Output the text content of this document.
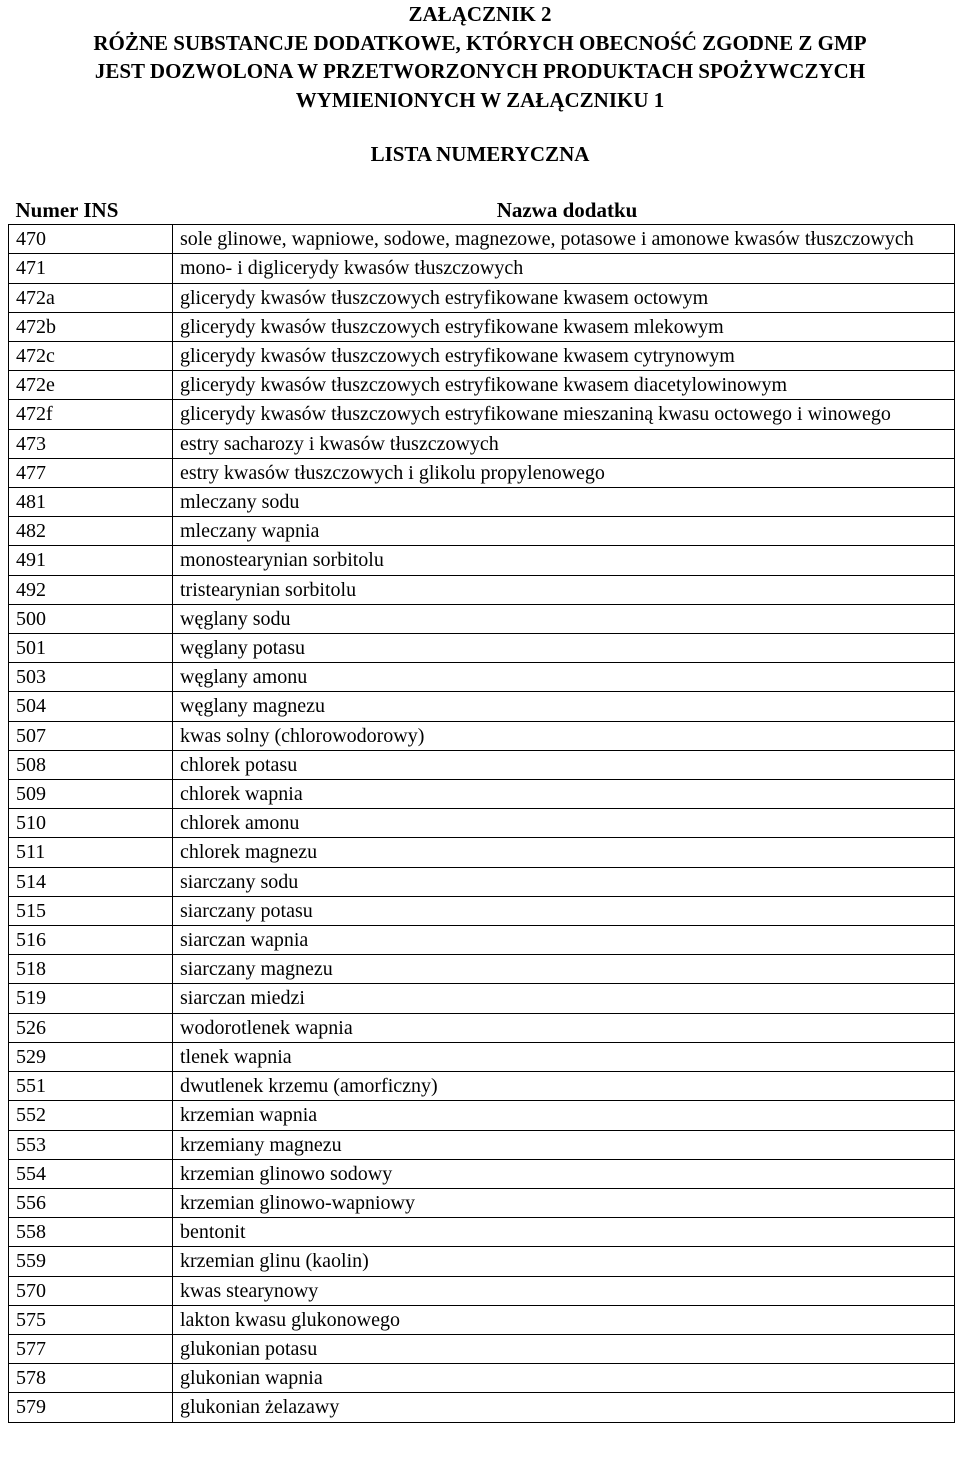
ZAŁĄCZNIK 2
RÓŻNE SUBSTANCJE DODATKOWE, KTÓRYCH OBECNOŚĆ ZGODNE Z GMP
JEST DOZWOLONA W PRZETWORZONYCH PRODUKTACH SPOŻYWCZYCH
WYMIENIONYCH W ZAŁĄCZNIKU 1
LISTA NUMERYCZNA
Numer INS	Nazwa dodatku
470	sole glinowe, wapniowe, sodowe, magnezowe, potasowe i amonowe kwasów tłuszczowych
471	mono- i diglicerydy kwasów tłuszczowych
472a	glicerydy kwasów tłuszczowych estryfikowane kwasem octowym
472b	glicerydy kwasów tłuszczowych estryfikowane kwasem mlekowym
472c	glicerydy kwasów tłuszczowych estryfikowane kwasem cytrynowym
472e	glicerydy kwasów tłuszczowych estryfikowane kwasem diacetylowinowym
472f	glicerydy kwasów tłuszczowych estryfikowane mieszaniną kwasu octowego i winowego
473	estry sacharozy i kwasów tłuszczowych
477	estry kwasów tłuszczowych i glikolu propylenowego
481	mleczany sodu
482	mleczany wapnia
491	monostearynian sorbitolu
492	tristearynian sorbitolu
500	węglany sodu
501	węglany potasu
503	węglany amonu
504	węglany magnezu
507	kwas solny (chlorowodorowy)
508	chlorek potasu
509	chlorek wapnia
510	chlorek amonu
511	chlorek magnezu
514	siarczany sodu
515	siarczany potasu
516	siarczan wapnia
518	siarczany magnezu
519	siarczan miedzi
526	wodorotlenek wapnia
529	tlenek wapnia
551	dwutlenek krzemu (amorficzny)
552	krzemian wapnia
553	krzemiany magnezu
554	krzemian glinowo sodowy
556	krzemian glinowo-wapniowy
558	bentonit
559	krzemian glinu (kaolin)
570	kwas stearynowy
575	lakton kwasu glukonowego
577	glukonian potasu
578	glukonian wapnia
579	glukonian żelazawy
